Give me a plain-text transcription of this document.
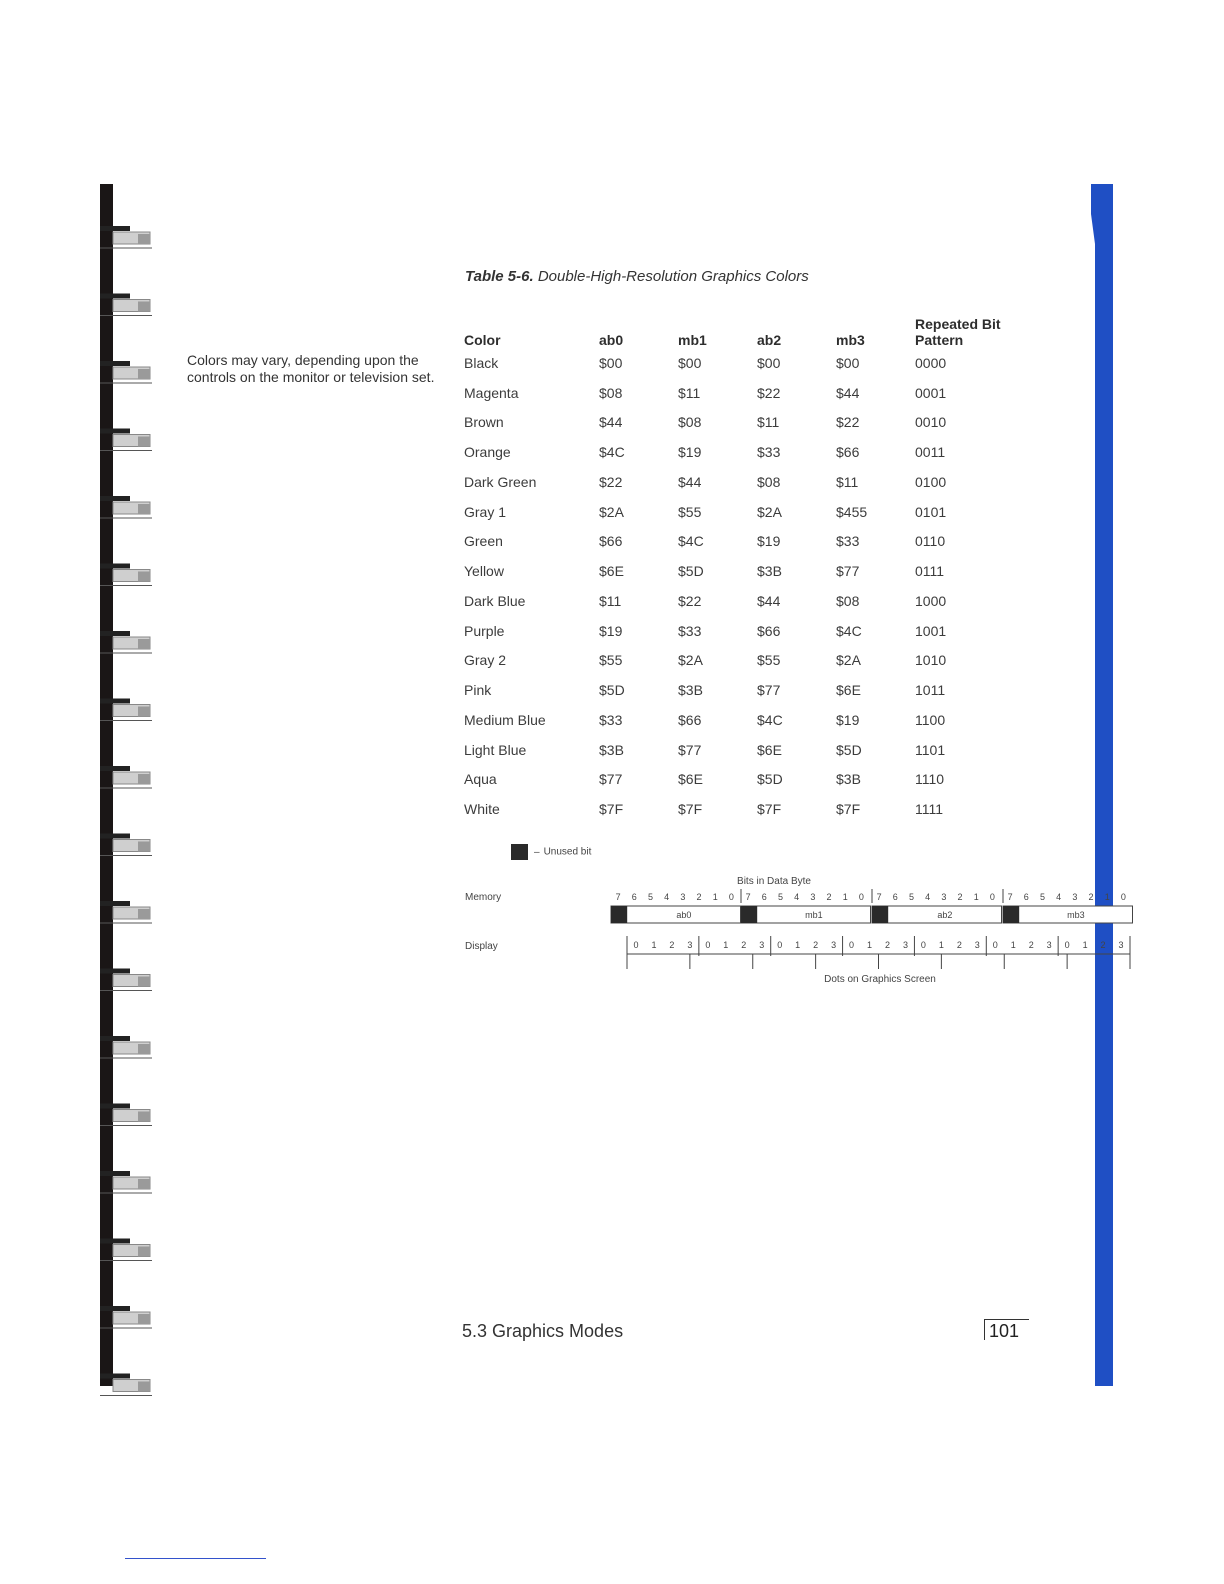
Table 5-6. Double-High-Resolution Graphics Colors
Colors may vary, depending upon the controls on the monitor or television set.
Color	ab0	mb1	ab2	mb3	Repeated Bit Pattern
Black	$00	$00	$00	$00	0000
Magenta	$08	$11	$22	$44	0001
Brown	$44	$08	$11	$22	0010
Orange	$4C	$19	$33	$66	0011
Dark Green	$22	$44	$08	$11	0100
Gray 1	$2A	$55	$2A	$455	0101
Green	$66	$4C	$19	$33	0110
Yellow	$6E	$5D	$3B	$77	0111
Dark Blue	$11	$22	$44	$08	1000
Purple	$19	$33	$66	$4C	1001
Gray 2	$55	$2A	$55	$2A	1010
Pink	$5D	$3B	$77	$6E	1011
Medium Blue	$33	$66	$4C	$19	1100
Light Blue	$3B	$77	$6E	$5D	1101
Aqua	$77	$6E	$5D	$3B	1110
White	$7F	$7F	$7F	$7F	1111
– Unused bit
Bits in Data Byte
Memory
Display
7 6 5 4 3 2 1 0
ab0
7 6 5 4 3 2 1 0
mb1
7 6 5 4 3 2 1 0
ab2
7 6 5 4 3 2 1 0
mb3
0 1 2 3 0 1 2 3 0 1 2 3 0 1 2 3 0 1 2 3 0 1 2 3 0 1 2 3
Dots on Graphics Screen
5.3 Graphics Modes	101
